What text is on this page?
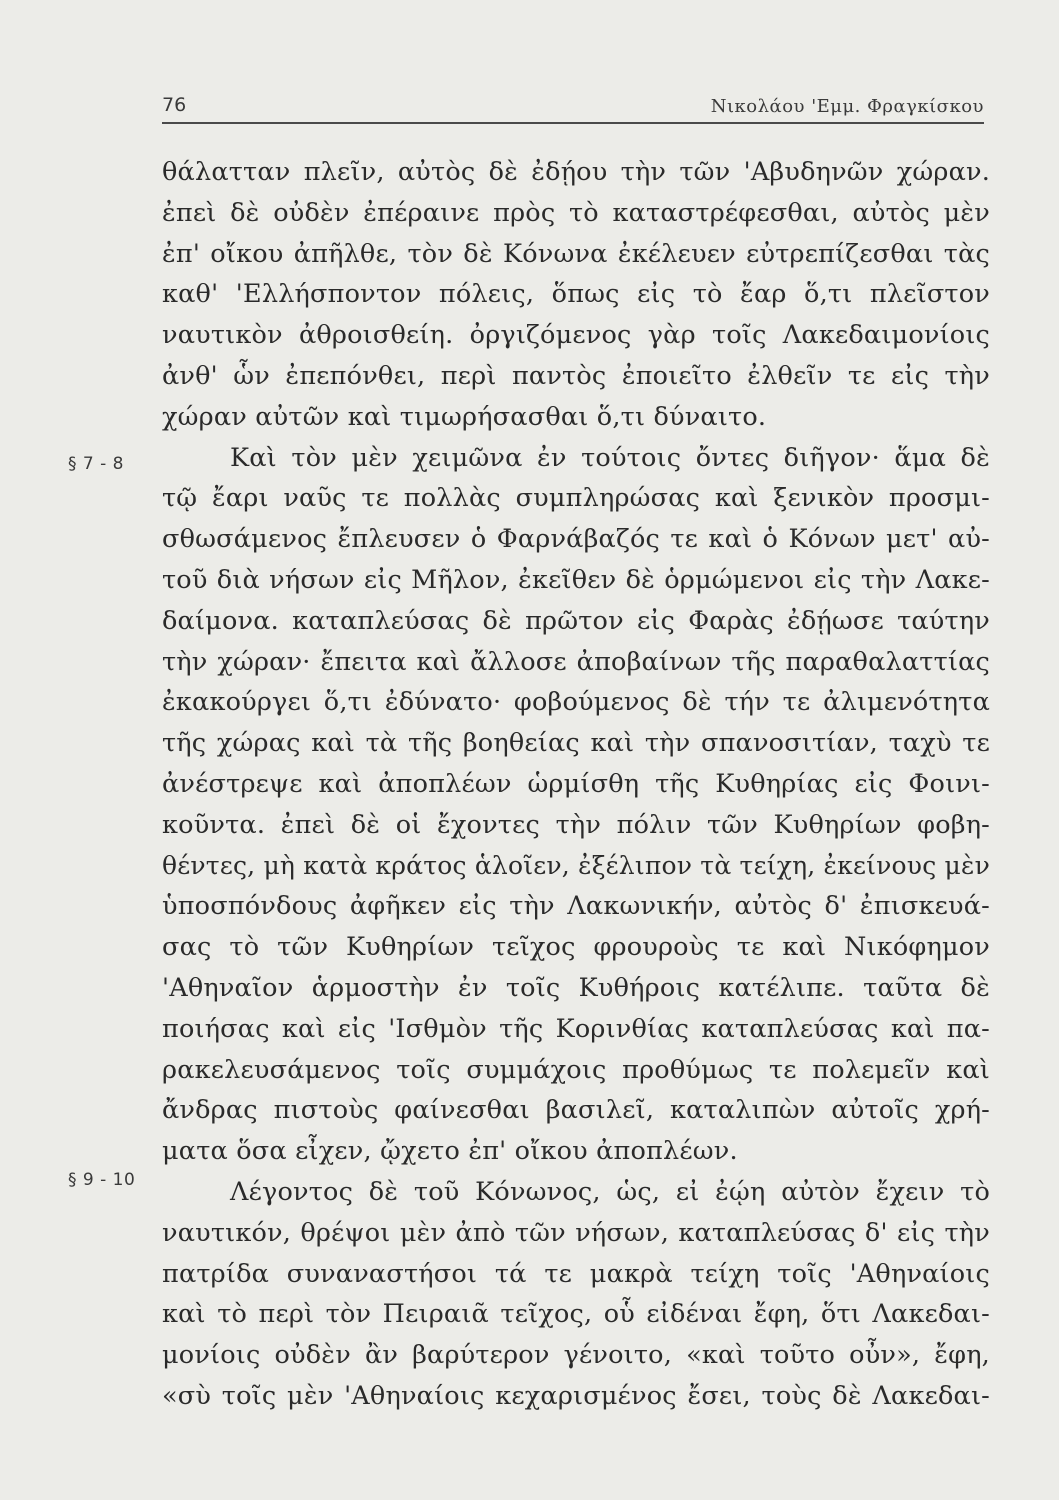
76	Νικολάου 'Εμμ. Φραγκίσκου
§ 7 - 8
§ 9 - 10
θάλατταν πλεῖν, αὐτὸς δὲ ἐδῄου τὴν τῶν 'Αβυδηνῶν χώραν.
ἐπεὶ δὲ οὐδὲν ἐπέραινε πρὸς τὸ καταστρέφεσθαι, αὐτὸς μὲν
ἐπ' οἴκου ἀπῆλθε, τὸν δὲ Κόνωνα ἐκέλευεν εὐτρεπίζεσθαι τὰς
καθ' 'Ελλήσποντον πόλεις, ὅπως εἰς τὸ ἔαρ ὅ,τι πλεῖστον
ναυτικὸν ἀθροισθείη. ὀργιζόμενος γὰρ τοῖς Λακεδαιμονίοις
ἀνθ' ὧν ἐπεπόνθει, περὶ παντὸς ἐποιεῖτο ἐλθεῖν τε εἰς τὴν
χώραν αὐτῶν καὶ τιμωρήσασθαι ὅ,τι δύναιτο.
Καὶ τὸν μὲν χειμῶνα ἐν τούτοις ὄντες διῆγον· ἅμα δὲ
τῷ ἔαρι ναῦς τε πολλὰς συμπληρώσας καὶ ξενικὸν προσμι-
σθωσάμενος ἔπλευσεν ὁ Φαρνάβαζός τε καὶ ὁ Κόνων μετ' αὐ-
τοῦ διὰ νήσων εἰς Μῆλον, ἐκεῖθεν δὲ ὁρμώμενοι εἰς τὴν Λακε-
δαίμονα. καταπλεύσας δὲ πρῶτον εἰς Φαρὰς ἐδῄωσε ταύτην
τὴν χώραν· ἔπειτα καὶ ἄλλοσε ἀποβαίνων τῆς παραθαλαττίας
ἐκακούργει ὅ,τι ἐδύνατο· φοβούμενος δὲ τήν τε ἀλιμενότητα
τῆς χώρας καὶ τὰ τῆς βοηθείας καὶ τὴν σπανοσιτίαν, ταχὺ τε
ἀνέστρεψε καὶ ἀποπλέων ὡρμίσθη τῆς Κυθηρίας εἰς Φοινι-
κοῦντα. ἐπεὶ δὲ οἱ ἔχοντες τὴν πόλιν τῶν Κυθηρίων φοβη-
θέντες, μὴ κατὰ κράτος ἁλοῖεν, ἐξέλιπον τὰ τείχη, ἐκείνους μὲν
ὑποσπόνδους ἀφῆκεν εἰς τὴν Λακωνικήν, αὐτὸς δ' ἐπισκευά-
σας τὸ τῶν Κυθηρίων τεῖχος φρουροὺς τε καὶ Νικόφημον
'Αθηναῖον ἁρμοστὴν ἐν τοῖς Κυθήροις κατέλιπε. ταῦτα δὲ
ποιήσας καὶ εἰς 'Ισθμὸν τῆς Κορινθίας καταπλεύσας καὶ πα-
ρακελευσάμενος τοῖς συμμάχοις προθύμως τε πολεμεῖν καὶ
ἄνδρας πιστοὺς φαίνεσθαι βασιλεῖ, καταλιπὼν αὐτοῖς χρή-
ματα ὅσα εἶχεν, ᾤχετο ἐπ' οἴκου ἀποπλέων.
Λέγοντος δὲ τοῦ Κόνωνος, ὡς, εἰ ἐῴη αὐτὸν ἔχειν τὸ
ναυτικόν, θρέψοι μὲν ἀπὸ τῶν νήσων, καταπλεύσας δ' εἰς τὴν
πατρίδα συναναστήσοι τά τε μακρὰ τείχη τοῖς 'Αθηναίοις
καὶ τὸ περὶ τὸν Πειραιᾶ τεῖχος, οὗ εἰδέναι ἔφη, ὅτι Λακεδαι-
μονίοις οὐδὲν ἂν βαρύτερον γένοιτο, «καὶ τοῦτο οὖν», ἔφη,
«σὺ τοῖς μὲν 'Αθηναίοις κεχαρισμένος ἔσει, τοὺς δὲ Λακεδαι-
